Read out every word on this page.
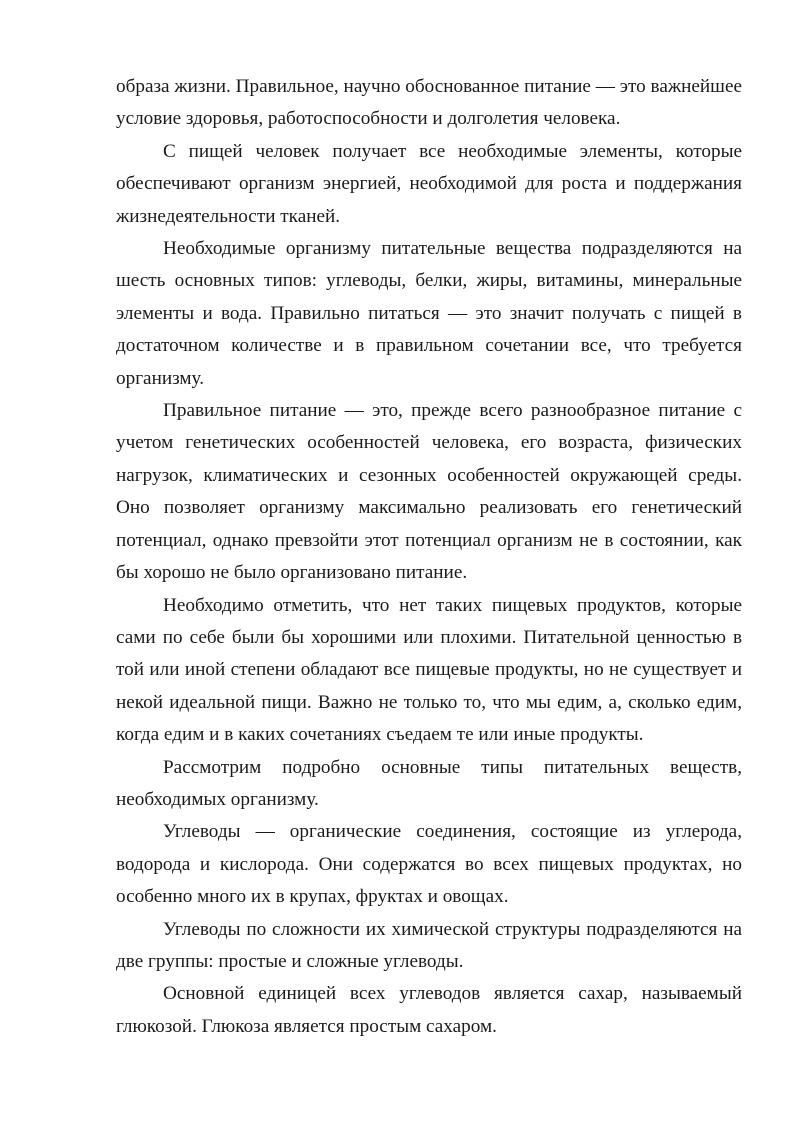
образа жизни. Правильное, научно обоснованное питание — это важнейшее условие здоровья, работоспособности и долголетия человека.

С пищей человек получает все необходимые элементы, которые обеспечивают организм энергией, необходимой для роста и поддержания жизнедеятельности тканей.

Необходимые организму питательные вещества подразделяются на шесть основных типов: углеводы, белки, жиры, витамины, минеральные элементы и вода. Правильно питаться — это значит получать с пищей в достаточном количестве и в правильном сочетании все, что требуется организму.

Правильное питание — это, прежде всего разнообразное питание с учетом генетических особенностей человека, его возраста, физических нагрузок, климатических и сезонных особенностей окружающей среды. Оно позволяет организму максимально реализовать его генетический потенциал, однако превзойти этот потенциал организм не в состоянии, как бы хорошо не было организовано питание.

Необходимо отметить, что нет таких пищевых продуктов, которые сами по себе были бы хорошими или плохими. Питательной ценностью в той или иной степени обладают все пищевые продукты, но не существует и некой идеальной пищи. Важно не только то, что мы едим, а, сколько едим, когда едим и в каких сочетаниях съедаем те или иные продукты.

Рассмотрим подробно основные типы питательных веществ, необходимых организму.

Углеводы — органические соединения, состоящие из углерода, водорода и кислорода. Они содержатся во всех пищевых продуктах, но особенно много их в крупах, фруктах и овощах.

Углеводы по сложности их химической структуры подразделяются на две группы: простые и сложные углеводы.

Основной единицей всех углеводов является сахар, называемый глюкозой. Глюкоза является простым сахаром.
